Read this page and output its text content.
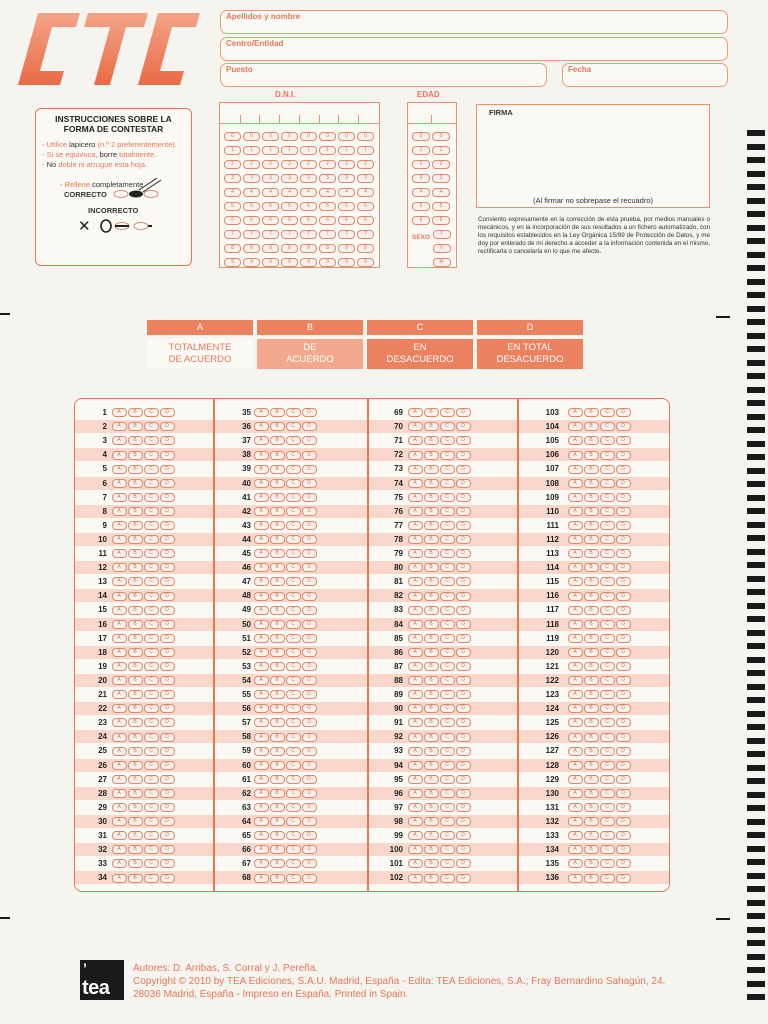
Apellidos y nombre
Centro/Entidad
Puesto	Fecha
INSTRUCCIONES SOBRE LA
FORMA DE CONTESTAR
- Utilice lapicero (n.º 2 preferentemente).
- Si se equivoca, borre totalmente.
- No doble ni arrugue esta hoja.
- Rellene completamente
CORRECTO
INCORRECTO
✕
D.N.I.
0	0	0	0	0	0	0	0
1	1	1	1	1	1	1	1
2	2	2	2	2	2	2	2
3	3	3	3	3	3	3	3
4	4	4	4	4	4	4	4
5	5	5	5	5	5	5	5
6	6	6	6	6	6	6	6
7	7	7	7	7	7	7	7
8	8	8	8	8	8	8	8
9	9	9	9	9	9	9	9
EDAD
0	0
1	1
2	2
3	3
4	4
5	5
6	6
SEXO 7
V
M
FIRMA
(Al firmar no sobrepase el recuadro)
Consiento expresamente en la corrección de esta prueba, por medios manuales o mecánicos, y en la incorporación de sus resultados a un fichero automatizado, con los requisitos establecidos en la Ley Orgánica 15/99 de Protección de Datos, y me doy por enterado de mi derecho a acceder a la información contenida en el mismo, rectificarla o cancelarla en lo que me afecte.
A
TOTALMENTE
DE ACUERDO
B
DE
ACUERDO
C
EN
DESACUERDO
D
EN TOTAL
DESACUERDO
1	A	B	C D
2	A	B	C D
3	A	B	C D
4	A	B	C D
5	A	B	C D
6	A	B	C D
7	A	B	C D
8	A	B	C D
9	A	B	C D
10	A	B	C D
11	A	B	C D
12	A	B	C D
13	A	B	C D
14	A	B	C D
15	A	B	C D
16	A	B	C D
17	A	B	C D
18	A	B	C D
19	A	B	C D
20	A	B	C D
21	A	B	C D
22	A	B	C D
23	A	B	C D
24	A	B	C D
25	A	B	C D
26	A	B	C D
27	A	B	C D
28	A	B	C D
29	A	B	C D
30	A	B	C D
31	A	B	C D
32	A	B	C D
33	A	B	C D
34	A	B	C D
35	A	B	C D
36	A	B	C D
37	A	B	C D
38	A	B	C D
39	A	B	C D
40	A	B	C D
41	A	B	C D
42	A	B	C D
43	A	B	C D
44	A	B	C D
45	A	B	C D
46	A	B	C D
47	A	B	C D
48	A	B	C D
49	A	B	C D
50	A	B	C D
51	A	B	C D
52	A	B	C D
53	A	B	C D
54	A	B	C D
55	A	B	C D
56	A	B	C D
57	A	B	C D
58	A	B	C D
59	A	B	C D
60	A	B	C D
61	A	B	C D
62	A	B	C D
63	A	B	C D
64	A	B	C D
65	A	B	C D
66	A	B	C D
67	A	B	C D
68	A	B	C D
69	A	B	C D
70	A	B	C D
71	A	B	C D
72	A	B	C D
73	A	B	C D
74	A	B	C D
75	A	B	C D
76	A	B	C D
77	A	B	C D
78	A	B	C D
79	A	B	C D
80	A	B	C D
81	A	B	C D
82	A	B	C D
83	A	B	C D
84	A	B	C D
85	A	B	C D
86	A	B	C D
87	A	B	C D
88	A	B	C D
89	A	B	C D
90	A	B	C D
91	A	B	C D
92	A	B	C D
93	A	B	C D
94	A	B	C D
95	A	B	C D
96	A	B	C D
97	A	B	C D
98	A	B	C D
99	A	B	C D
100	A	B	C D
101	A	B	C D
102	A	B	C D
103	A	B	C D
104	A	B	C D
105	A	B	C D
106	A	B	C D
107	A	B	C D
108	A	B	C D
109	A	B	C D
110	A	B	C D
111	A	B	C D
112	A	B	C D
113	A	B	C D
114	A	B	C D
115	A	B	C D
116	A	B	C D
117	A	B	C D
118	A	B	C D
119	A	B	C D
120	A	B	C D
121	A	B	C D
122	A	B	C D
123	A	B	C D
124	A	B	C D
125	A	B	C D
126	A	B	C D
127	A	B	C D
128	A	B	C D
129	A	B	C D
130	A	B	C D
131	A	B	C D
132	A	B	C D
133	A	B	C D
134	A	B	C D
135	A	B	C D
136	A	B	C D
’
tea
Autores: D. Arribas, S. Corral y J. Pereña.
Copyright © 2010 by TEA Ediciones, S.A.U. Madrid, España - Edita: TEA Ediciones, S.A.; Fray Bernardino Sahagún, 24.
28036 Madrid, España - Impreso en España. Printed in Spain.
